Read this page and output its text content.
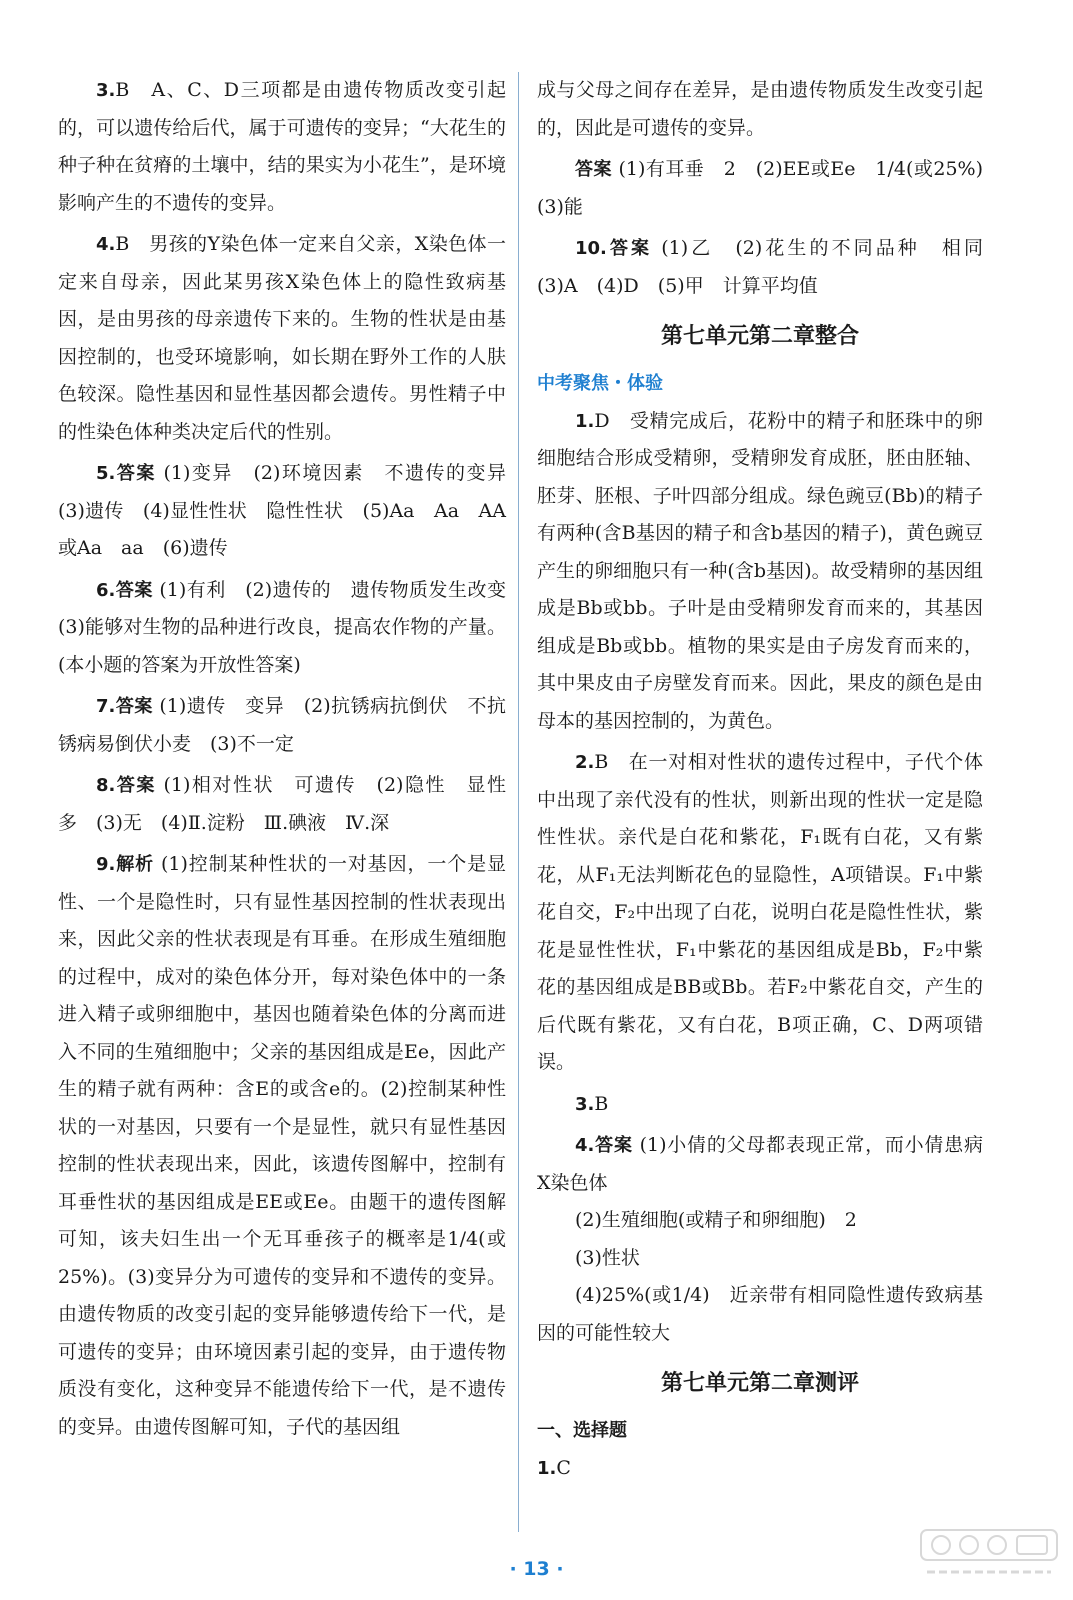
3.B　A、C、D三项都是由遗传物质改变引起的，可以遗传给后代，属于可遗传的变异；“大花生的种子种在贫瘠的土壤中，结的果实为小花生”，是环境影响产生的不遗传的变异。

4.B　男孩的Y染色体一定来自父亲，X染色体一定来自母亲，因此某男孩X染色体上的隐性致病基因，是由男孩的母亲遗传下来的。生物的性状是由基因控制的，也受环境影响，如长期在野外工作的人肤色较深。隐性基因和显性基因都会遗传。男性精子中的性染色体种类决定后代的性别。

5.答案 (1)变异　(2)环境因素　不遗传的变异　(3)遗传　(4)显性性状　隐性性状　(5)Aa　Aa　AA或Aa　aa　(6)遗传

6.答案 (1)有利　(2)遗传的　遗传物质发生改变　(3)能够对生物的品种进行改良，提高农作物的产量。(本小题的答案为开放性答案)

7.答案 (1)遗传　变异　(2)抗锈病抗倒伏　不抗锈病易倒伏小麦　(3)不一定

8.答案 (1)相对性状　可遗传　(2)隐性　显性　多　(3)无　(4)Ⅱ.淀粉　Ⅲ.碘液　Ⅳ.深

9.解析 (1)控制某种性状的一对基因，一个是显性、一个是隐性时，只有显性基因控制的性状表现出来，因此父亲的性状表现是有耳垂。在形成生殖细胞的过程中，成对的染色体分开，每对染色体中的一条进入精子或卵细胞中，基因也随着染色体的分离而进入不同的生殖细胞中；父亲的基因组成是Ee，因此产生的精子就有两种：含E的或含e的。(2)控制某种性状的一对基因，只要有一个是显性，就只有显性基因控制的性状表现出来，因此，该遗传图解中，控制有耳垂性状的基因组成是EE或Ee。由题干的遗传图解可知，该夫妇生出一个无耳垂孩子的概率是1/4(或25%)。(3)变异分为可遗传的变异和不遗传的变异。由遗传物质的改变引起的变异能够遗传给下一代，是可遗传的变异；由环境因素引起的变异，由于遗传物质没有变化，这种变异不能遗传给下一代，是不遗传的变异。由遗传图解可知，子代的基因组

成与父母之间存在差异，是由遗传物质发生改变引起的，因此是可遗传的变异。

答案 (1)有耳垂　2　(2)EE或Ee　1/4(或25%)　(3)能

10.答案 (1)乙　(2)花生的不同品种　相同　(3)A　(4)D　(5)甲　计算平均值

第七单元第二章整合
中考聚焦・体验

1.D　受精完成后，花粉中的精子和胚珠中的卵细胞结合形成受精卵，受精卵发育成胚，胚由胚轴、胚芽、胚根、子叶四部分组成。绿色豌豆(Bb)的精子有两种(含B基因的精子和含b基因的精子)，黄色豌豆产生的卵细胞只有一种(含b基因)。故受精卵的基因组成是Bb或bb。子叶是由受精卵发育而来的，其基因组成是Bb或bb。植物的果实是由子房发育而来的，其中果皮由子房壁发育而来。因此，果皮的颜色是由母本的基因控制的，为黄色。

2.B　在一对相对性状的遗传过程中，子代个体中出现了亲代没有的性状，则新出现的性状一定是隐性性状。亲代是白花和紫花，F₁既有白花，又有紫花，从F₁无法判断花色的显隐性，A项错误。F₁中紫花自交，F₂中出现了白花，说明白花是隐性性状，紫花是显性性状，F₁中紫花的基因组成是Bb，F₂中紫花的基因组成是BB或Bb。若F₂中紫花自交，产生的后代既有紫花，又有白花，B项正确，C、D两项错误。

3.B

4.答案 (1)小倩的父母都表现正常，而小倩患病　X染色体

(2)生殖细胞(或精子和卵细胞)　2

(3)性状

(4)25%(或1/4)　近亲带有相同隐性遗传致病基因的可能性较大

第七单元第二章测评
一、选择题

1.C

· 13 ·
